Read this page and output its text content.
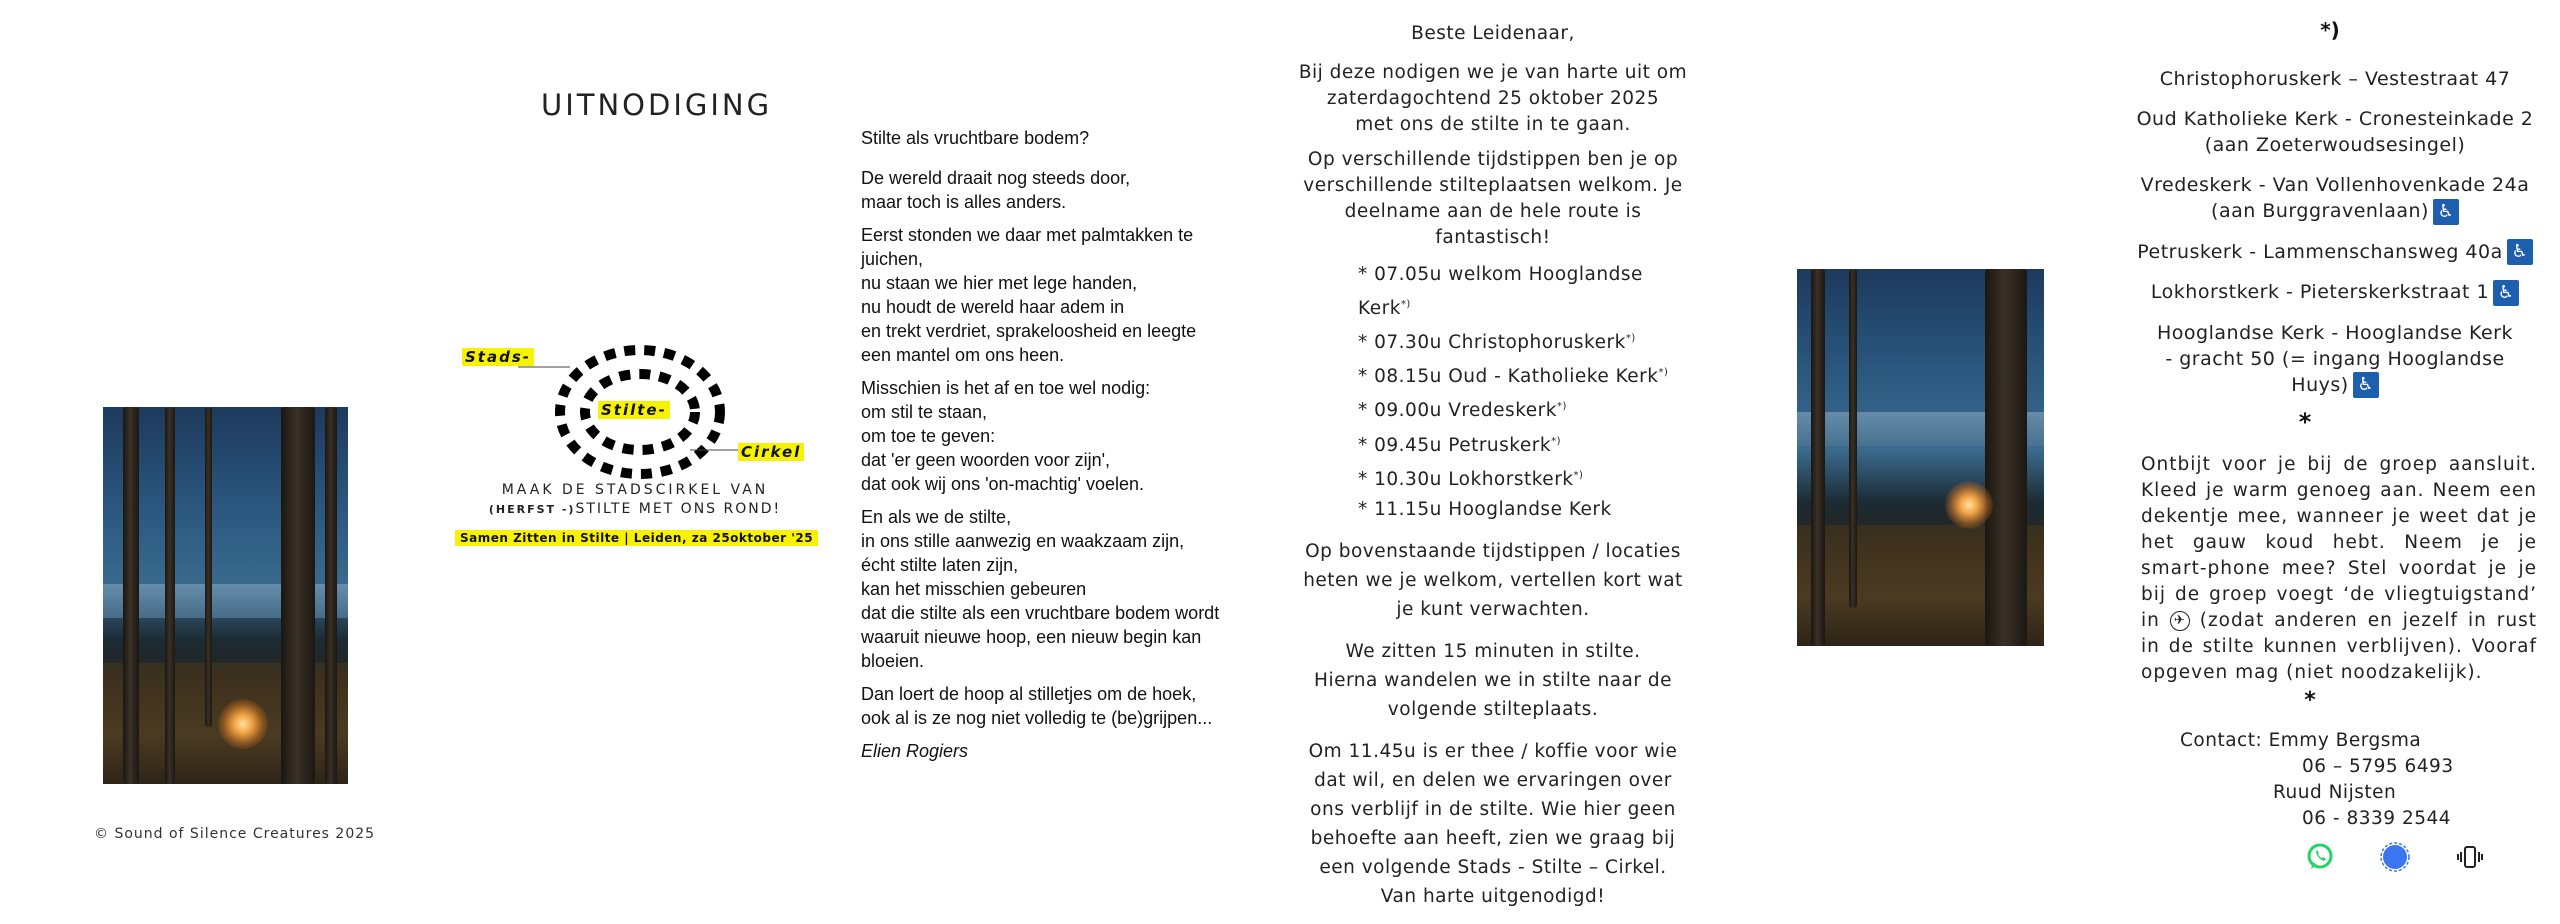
© Sound of Silence Creatures 2025
UITNODIGING
Stads-
Stilte-
Cirkel
MAAK DE STADSCIRKEL VAN
(HERFST -)STILTE MET ONS ROND!
Samen Zitten in Stilte | Leiden, za 25oktober '25

Stilte als vruchtbare bodem?

De wereld draait nog steeds door,
maar toch is alles anders.

Eerst stonden we daar met palmtakken te
juichen,
nu staan we hier met lege handen,
nu houdt de wereld haar adem in
en trekt verdriet, sprakeloosheid en leegte
een mantel om ons heen.

Misschien is het af en toe wel nodig:
om stil te staan,
om toe te geven:
dat 'er geen woorden voor zijn',
dat ook wij ons 'on-machtig' voelen.

En als we de stilte,
in ons stille aanwezig en waakzaam zijn,
écht stilte laten zijn,
kan het misschien gebeuren
dat die stilte als een vruchtbare bodem wordt
waaruit nieuwe hoop, een nieuw begin kan
bloeien.

Dan loert de hoop al stilletjes om de hoek,
ook al is ze nog niet volledig te (be)grijpen...

Elien Rogiers

Beste Leidenaar,

Bij deze nodigen we je van harte uit om
zaterdagochtend 25 oktober 2025
met ons de stilte in te gaan.

Op verschillende tijdstippen ben je op
verschillende stilteplaatsen welkom. Je
deelname aan de hele route is
fantastisch!

* 07.05u welkom Hooglandse Kerk*)
* 07.30u Christophoruskerk*)
* 08.15u Oud - Katholieke Kerk*)
* 09.00u Vredeskerk*)
* 09.45u Petruskerk*)
* 10.30u Lokhorstkerk*)
* 11.15u Hooglandse Kerk

Op bovenstaande tijdstippen / locaties
heten we je welkom, vertellen kort wat
je kunt verwachten.

We zitten 15 minuten in stilte.
Hierna wandelen we in stilte naar de
volgende stilteplaats.

Om 11.45u is er thee / koffie voor wie
dat wil, en delen we ervaringen over
ons verblijf in de stilte. Wie hier geen
behoefte aan heeft, zien we graag bij
een volgende Stads - Stilte – Cirkel.
Van harte uitgenodigd!

*)
Christophoruskerk – Vestestraat 47
Oud Katholieke Kerk - Cronesteinkade 2
(aan Zoeterwoudsesingel)
Vredeskerk - Van Vollenhovenkade 24a
(aan Burggravenlaan) ♿
Petruskerk - Lammenschansweg 40a ♿
Lokhorstkerk - Pieterskerkstraat 1 ♿
Hooglandse Kerk - Hooglandse Kerk
- gracht 50 (= ingang Hooglandse Huys) ♿
*
Ontbijt voor je bij de groep aansluit. Kleed je warm genoeg aan. Neem een dekentje mee, wanneer je weet dat je het gauw koud hebt. Neem je je smart-phone mee? Stel voordat je je bij de groep voegt ‘de vliegtuigstand’ in ✈ (zodat anderen en jezelf in rust in de stilte kunnen verblijven). Vooraf opgeven mag (niet noodzakelijk).
*
Contact: Emmy Bergsma
06 – 5795 6493
Ruud Nijsten
06 - 8339 2544
